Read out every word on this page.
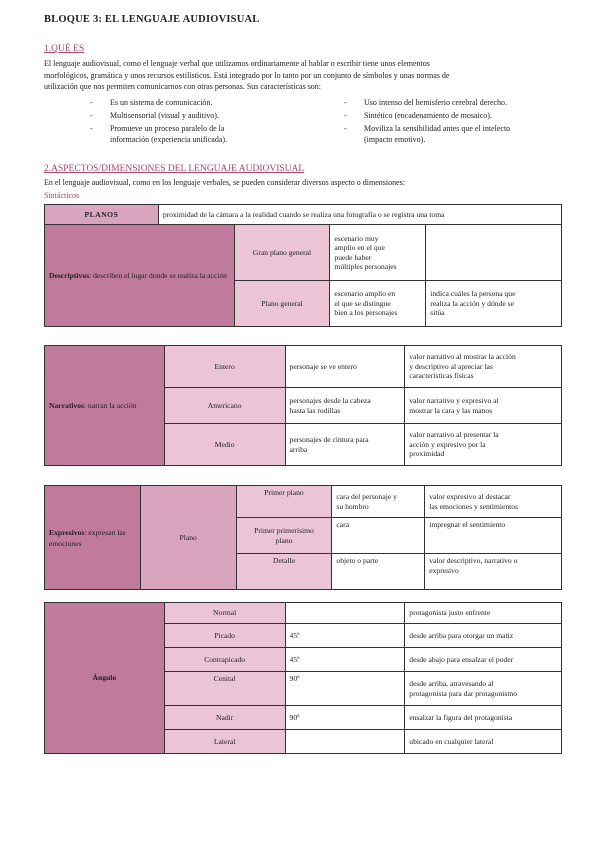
BLOQUE 3: EL LENGUAJE AUDIOVISUAL
1.QUÉ ES
El lenguaje audiovisual, como el lenguaje verbal que utilizamos ordinariamente al hablar o escribir tiene unos elementos
morfológicos, gramática y unos recursos estilísticos. Está integrado por lo tanto por un conjunto de símbolos y unas normas de
utilización que nos permiten comunicarnos con otras personas. Sus características son:
- Es un sistema de comunicación.
- Multisensorial (visual y auditivo).
- Promueve un proceso paralelo de la
información (experiencia unificada).
- Uso intenso del hemisferio cerebral derecho.
- Sintético (encadenamiento de mosaico).
- Moviliza la sensibilidad antes que el intelecto
(impacto emotivo).
2.ASPECTOS/DIMENSIONES DEL LENGUAJE AUDIOVISUAL
En el lenguaje audiovisual, como en los lenguaje verbales, se pueden considerar diversos aspecto o dimensiones:
Sintácticos
PLANOS	proximidad de la cámara a la realidad cuando se realiza una fotografía o se registra una toma			
Descriptivos: describen el lugar donde se realiza la acción		Gran plano general	escenario muy
amplio en el que
puede haber
múltiples personajes	
		Plano general	escenario amplio en
el que se distingue
bien a los personajes	indica cuáles la persona que
realiza la acción y dónde se
sitúa
Narrativos: narran la acción	Entero	personaje se ve entero	valor narrativo al mostrar la acción
y descriptivo al apreciar las
características físicas
	Americano	personajes desde la cabeza
hasta las rodillas	valor narrativo y expresivo al
mostrar la cara y las manos
	Medio	personajes de cintura para
arriba	valor narrativo al presentar la
acción y expresivo por la
proximidad
Expresivos: expresan las emociones	Plano	Primer plano	cara del personaje y
su hombro	valor expresivo al destacar
las emociones y sentimientos
		Primer primerísimo
plano	cara	impregnar el sentimiento
		Detalle	objeto o parte	valor descriptivo, narrativo o
expresivo
Ángulo	Normal		protagonista justo enfrente
	Picado	45º	desde arriba para otorgar un matiz
	Contrapicado	45º	desde abajo para ensalzar el poder
	Cenital	90º	desde arriba, atravesando al
protagonista para dar protagonismo
	Nadir	90º	ensalzar la figura del protagonista
	Lateral		ubicado en cualquier lateral
